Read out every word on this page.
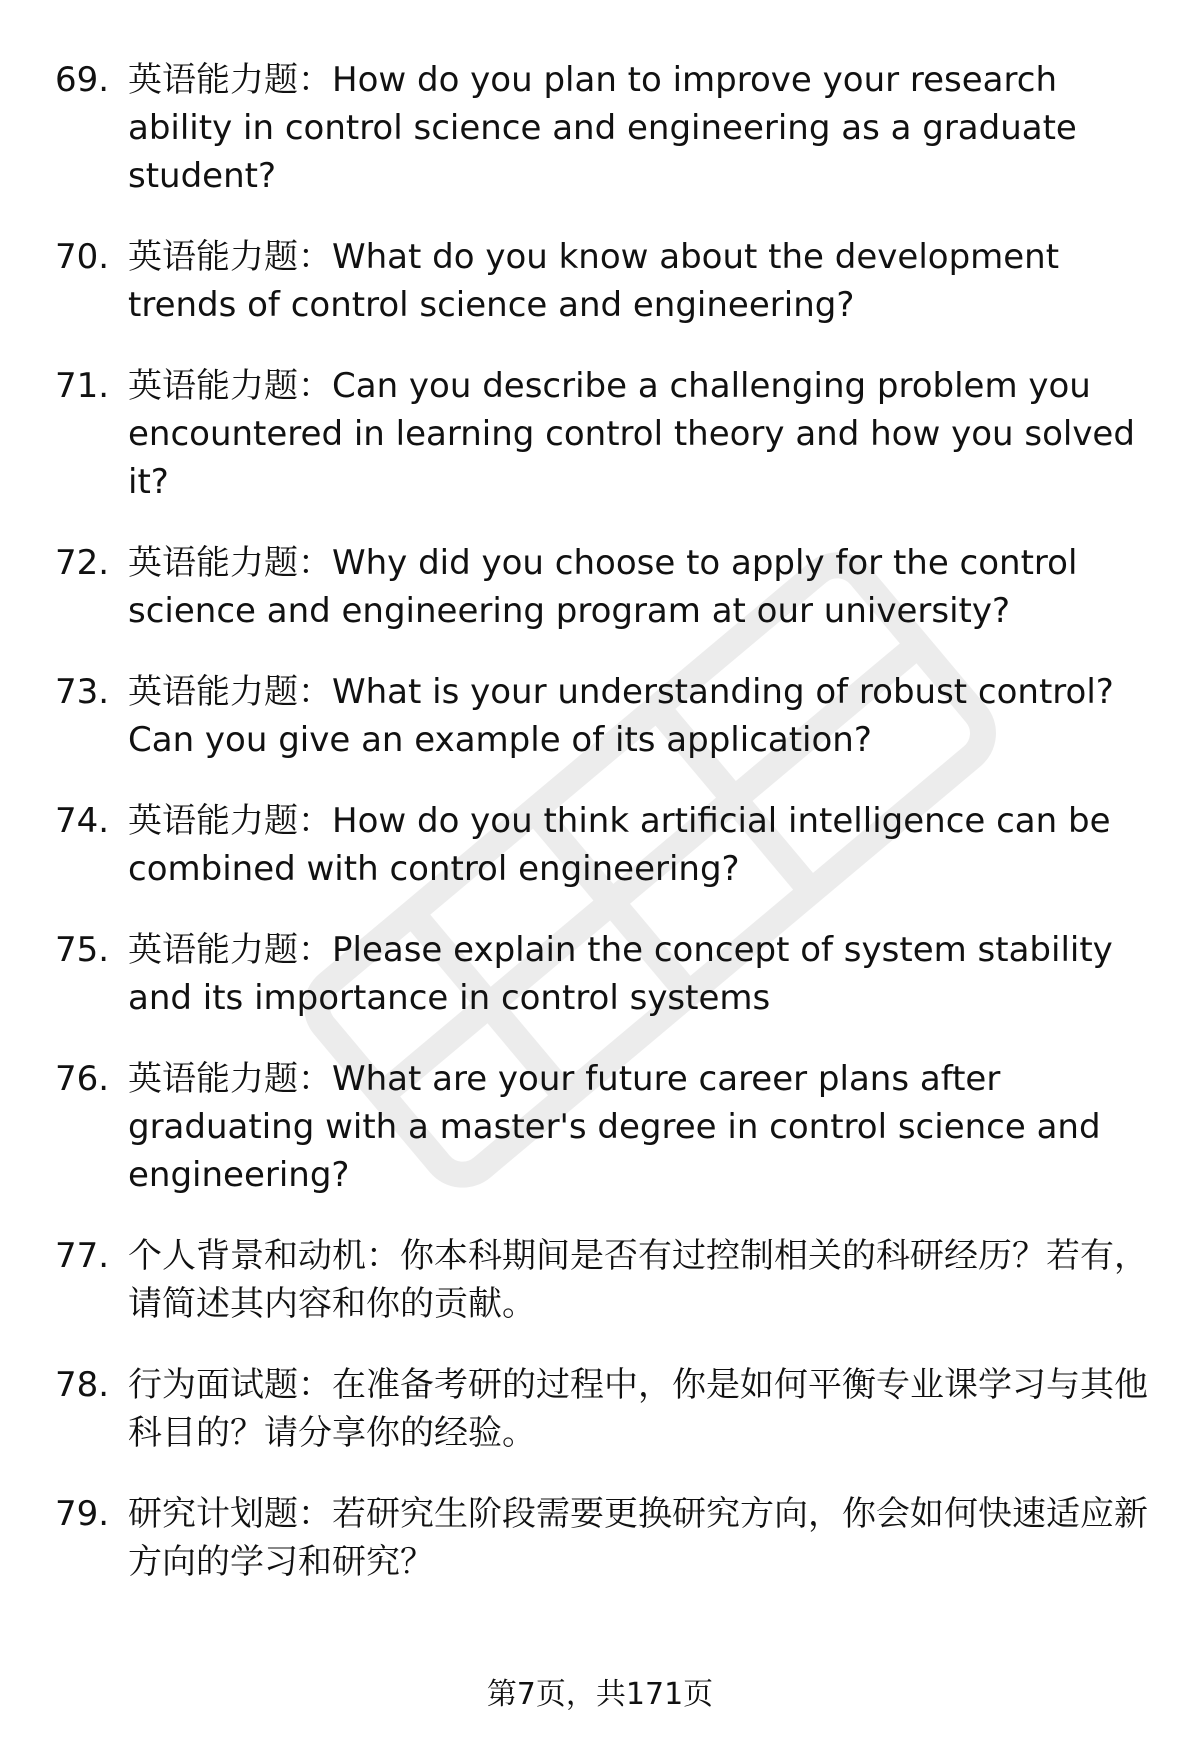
69. 英语能力题：How do you plan to improve your research ability in control science and engineering as a graduate student?
70. 英语能力题：What do you know about the development trends of control science and engineering?
71. 英语能力题：Can you describe a challenging problem you encountered in learning control theory and how you solved it?
72. 英语能力题：Why did you choose to apply for the control science and engineering program at our university?
73. 英语能力题：What is your understanding of robust control? Can you give an example of its application?
74. 英语能力题：How do you think artificial intelligence can be combined with control engineering?
75. 英语能力题：Please explain the concept of system stability and its importance in control systems
76. 英语能力题：What are your future career plans after graduating with a master's degree in control science and engineering?
77. 个人背景和动机：你本科期间是否有过控制相关的科研经历？若有，请简述其内容和你的贡献。
78. 行为面试题：在准备考研的过程中，你是如何平衡专业课学习与其他科目的？请分享你的经验。
79. 研究计划题：若研究生阶段需要更换研究方向，你会如何快速适应新方向的学习和研究？
第7页，共171页
